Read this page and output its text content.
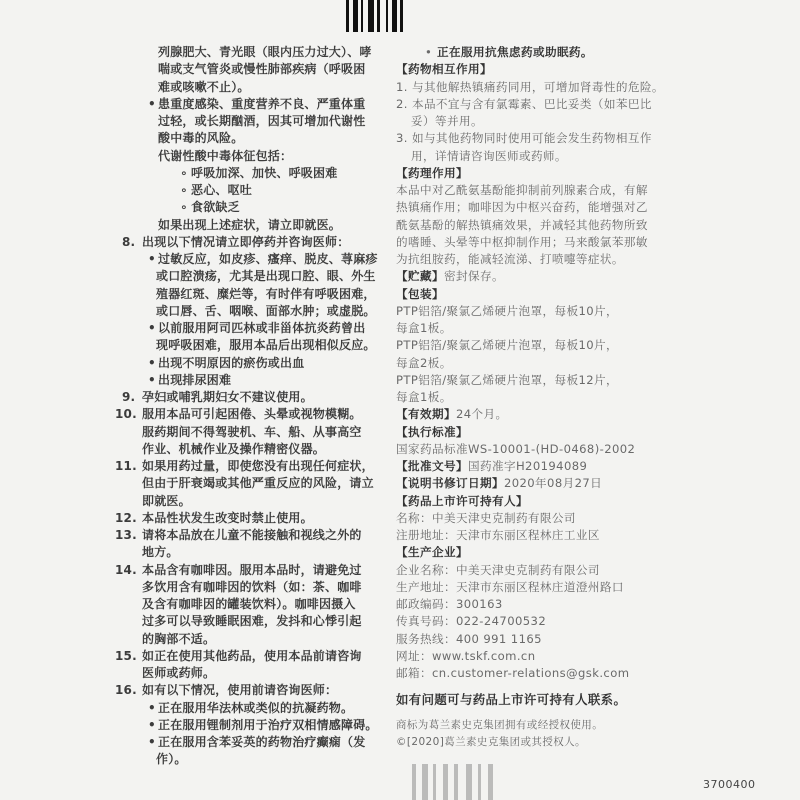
列腺肥大、青光眼（眼内压力过大）、哮
喘或支气管炎或慢性肺部疾病（呼吸困
难或咳嗽不止）。
• 患重度感染、重度营养不良、严重体重
过轻，或长期酗酒，因其可增加代谢性
酸中毒的风险。
代谢性酸中毒体征包括：
∘ 呼吸加深、加快、呼吸困难
∘ 恶心、呕吐
∘ 食欲缺乏
如果出现上述症状，请立即就医。
8. 出现以下情况请立即停药并咨询医师：
• 过敏反应，如皮疹、瘙痒、脱皮、荨麻疹
或口腔溃疡，尤其是出现口腔、眼、外生
殖器红斑、糜烂等，有时伴有呼吸困难，
或口唇、舌、咽喉、面部水肿；或虚脱。
• 以前服用阿司匹林或非甾体抗炎药曾出
现呼吸困难，服用本品后出现相似反应。
• 出现不明原因的瘀伤或出血
• 出现排尿困难
9. 孕妇或哺乳期妇女不建议使用。
10. 服用本品可引起困倦、头晕或视物模糊。
服药期间不得驾驶机、车、船、从事高空
作业、机械作业及操作精密仪器。
11. 如果用药过量，即使您没有出现任何症状，
但由于肝衰竭或其他严重反应的风险，请立
即就医。
12. 本品性状发生改变时禁止使用。
13. 请将本品放在儿童不能接触和视线之外的
地方。
14. 本品含有咖啡因。服用本品时，请避免过
多饮用含有咖啡因的饮料（如：茶、咖啡
及含有咖啡因的罐装饮料）。咖啡因摄入
过多可以导致睡眠困难，发抖和心悸引起
的胸部不适。
15. 如正在使用其他药品，使用本品前请咨询
医师或药师。
16. 如有以下情况，使用前请咨询医师：
• 正在服用华法林或类似的抗凝药物。
• 正在服用锂制剂用于治疗双相情感障碍。
• 正在服用含苯妥英的药物治疗癫痫（发
作）。
• 正在服用抗焦虑药或助眠药。
【药物相互作用】
1. 与其他解热镇痛药同用，可增加肾毒性的危险。
2. 本品不宜与含有氯霉素、巴比妥类（如苯巴比
妥）等并用。
3. 如与其他药物同时使用可能会发生药物相互作
用，详情请咨询医师或药师。
【药理作用】
本品中对乙酰氨基酚能抑制前列腺素合成，有解
热镇痛作用；咖啡因为中枢兴奋药，能增强对乙
酰氨基酚的解热镇痛效果，并减轻其他药物所致
的嗜睡、头晕等中枢抑制作用；马来酸氯苯那敏
为抗组胺药，能减轻流涕、打喷嚏等症状。
【贮藏】密封保存。
【包装】
PTP铝箔/聚氯乙烯硬片泡罩，每板10片，
每盒1板。
PTP铝箔/聚氯乙烯硬片泡罩，每板10片，
每盒2板。
PTP铝箔/聚氯乙烯硬片泡罩，每板12片，
每盒1板。
【有效期】24个月。
【执行标准】
国家药品标准WS-10001-(HD-0468)-2002
【批准文号】国药准字H20194089
【说明书修订日期】2020年08月27日
【药品上市许可持有人】
名称：中美天津史克制药有限公司
注册地址：天津市东丽区程林庄工业区
【生产企业】
企业名称：中美天津史克制药有限公司
生产地址：天津市东丽区程林庄道澄州路口
邮政编码：300163
传真号码：022-24700532
服务热线：400 991 1165
网址：www.tskf.com.cn
邮箱：cn.customer-relations@gsk.com
如有问题可与药品上市许可持有人联系。
商标为葛兰素史克集团拥有或经授权使用。
©[2020]葛兰素史克集团或其授权人。
3700400
